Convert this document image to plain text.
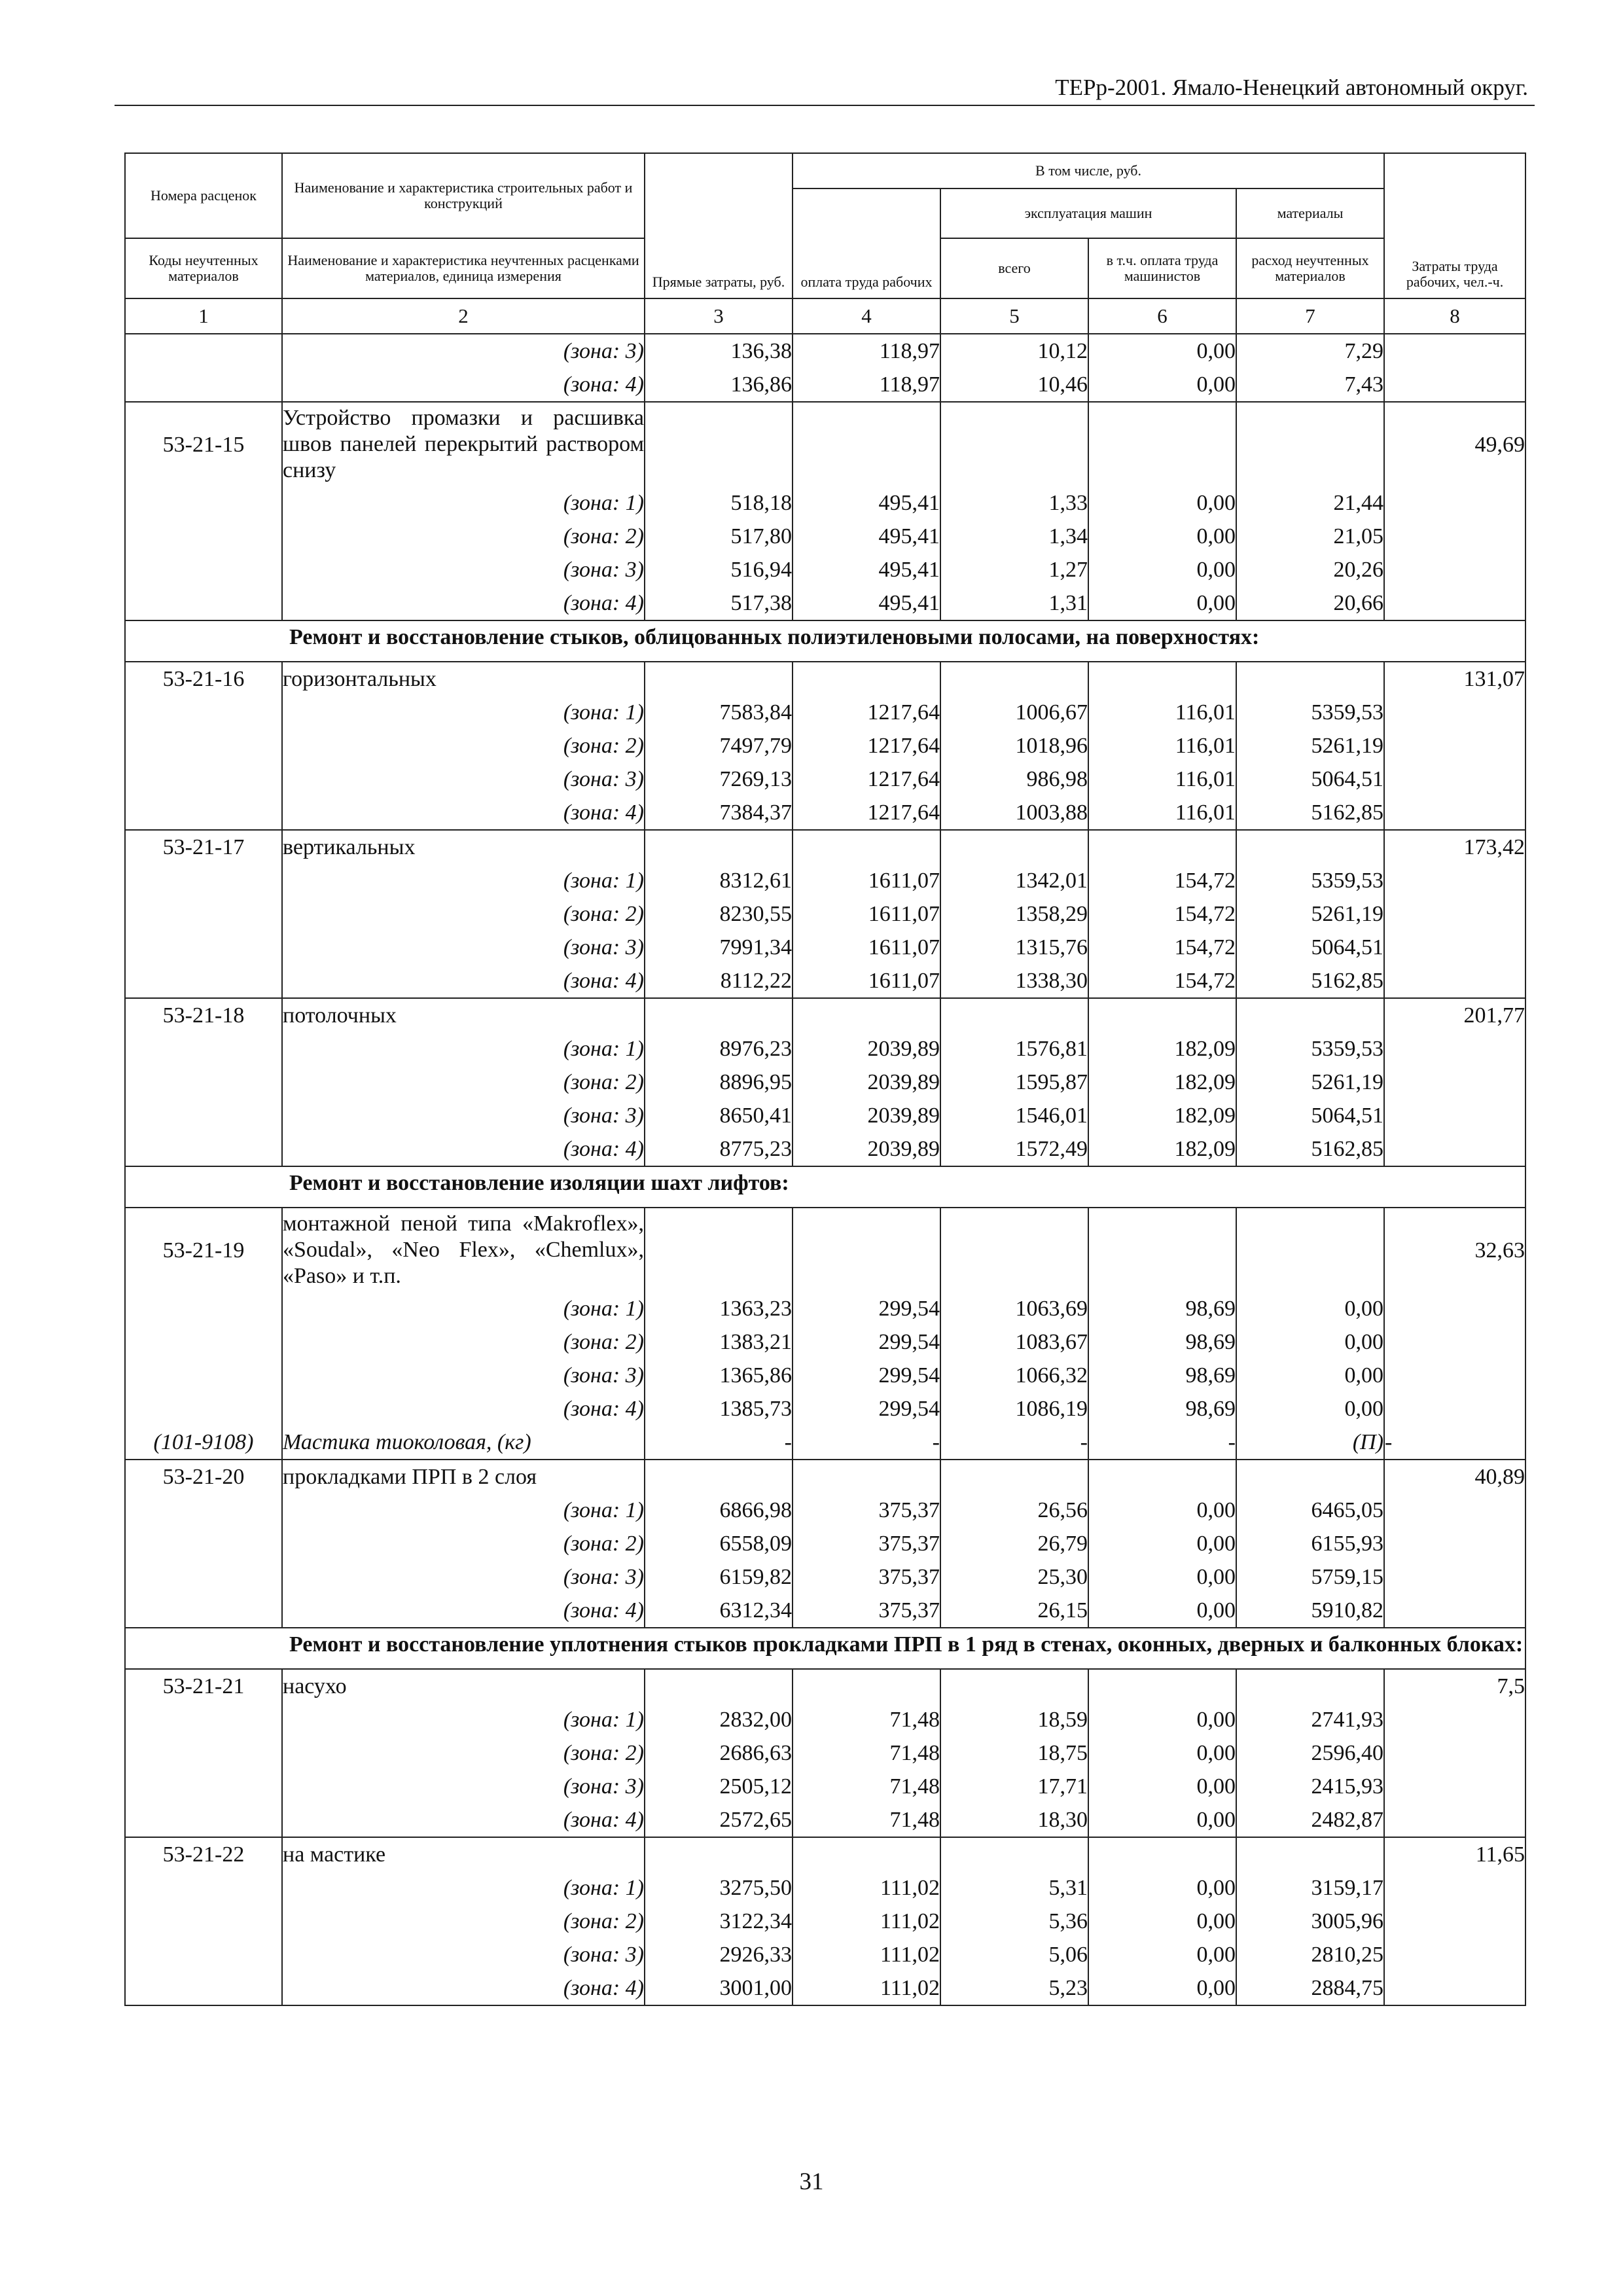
ТЕРр-2001. Ямало-Ненецкий автономный округ.
Номера расценок	Наименование и характеристика строительных работ и конструкций	Прямые затраты, руб.	В том числе, руб.				Затраты труда рабочих, чел.-ч.
			оплата труда рабочих	эксплуатация машин		материалы	
Коды неучтенных материалов	Наименование и характеристика неучтенных расценками материалов, единица измерения			всего	в т.ч. оплата труда машинистов	расход неучтенных материалов	
1	2	3	4	5	6	7	8
	(зона: 3)	136,38	118,97	10,12	0,00	7,29	
	(зона: 4)	136,86	118,97	10,46	0,00	7,43	
53-21-15	Устройство промазки и расшивка швов панелей перекрытий раствором снизу						49,69
	(зона: 1)	518,18	495,41	1,33	0,00	21,44	
	(зона: 2)	517,80	495,41	1,34	0,00	21,05	
	(зона: 3)	516,94	495,41	1,27	0,00	20,26	
	(зона: 4)	517,38	495,41	1,31	0,00	20,66	
Ремонт и восстановление стыков, облицованных полиэтиленовыми полосами, на поверхностях:							
53-21-16	горизонтальных						131,07
	(зона: 1)	7583,84	1217,64	1006,67	116,01	5359,53	
	(зона: 2)	7497,79	1217,64	1018,96	116,01	5261,19	
	(зона: 3)	7269,13	1217,64	986,98	116,01	5064,51	
	(зона: 4)	7384,37	1217,64	1003,88	116,01	5162,85	
53-21-17	вертикальных						173,42
	(зона: 1)	8312,61	1611,07	1342,01	154,72	5359,53	
	(зона: 2)	8230,55	1611,07	1358,29	154,72	5261,19	
	(зона: 3)	7991,34	1611,07	1315,76	154,72	5064,51	
	(зона: 4)	8112,22	1611,07	1338,30	154,72	5162,85	
53-21-18	потолочных						201,77
	(зона: 1)	8976,23	2039,89	1576,81	182,09	5359,53	
	(зона: 2)	8896,95	2039,89	1595,87	182,09	5261,19	
	(зона: 3)	8650,41	2039,89	1546,01	182,09	5064,51	
	(зона: 4)	8775,23	2039,89	1572,49	182,09	5162,85	
Ремонт и восстановление изоляции шахт лифтов:							
53-21-19	монтажной пеной типа «Makroflex», «Soudal», «Neo Flex», «Chemlux», «Paso» и т.п.						32,63
	(зона: 1)	1363,23	299,54	1063,69	98,69	0,00	
	(зона: 2)	1383,21	299,54	1083,67	98,69	0,00	
	(зона: 3)	1365,86	299,54	1066,32	98,69	0,00	
	(зона: 4)	1385,73	299,54	1086,19	98,69	0,00	
(101-9108)	Мастика тиоколовая, (кг)	-	-	-	-	(П)	-
53-21-20	прокладками ПРП в 2 слоя						40,89
	(зона: 1)	6866,98	375,37	26,56	0,00	6465,05	
	(зона: 2)	6558,09	375,37	26,79	0,00	6155,93	
	(зона: 3)	6159,82	375,37	25,30	0,00	5759,15	
	(зона: 4)	6312,34	375,37	26,15	0,00	5910,82	
Ремонт и восстановление уплотнения стыков прокладками ПРП в 1 ряд в стенах, оконных, дверных и балконных блоках:							
53-21-21	насухо						7,5
	(зона: 1)	2832,00	71,48	18,59	0,00	2741,93	
	(зона: 2)	2686,63	71,48	18,75	0,00	2596,40	
	(зона: 3)	2505,12	71,48	17,71	0,00	2415,93	
	(зона: 4)	2572,65	71,48	18,30	0,00	2482,87	
53-21-22	на мастике						11,65
	(зона: 1)	3275,50	111,02	5,31	0,00	3159,17	
	(зона: 2)	3122,34	111,02	5,36	0,00	3005,96	
	(зона: 3)	2926,33	111,02	5,06	0,00	2810,25	
	(зона: 4)	3001,00	111,02	5,23	0,00	2884,75	
31
